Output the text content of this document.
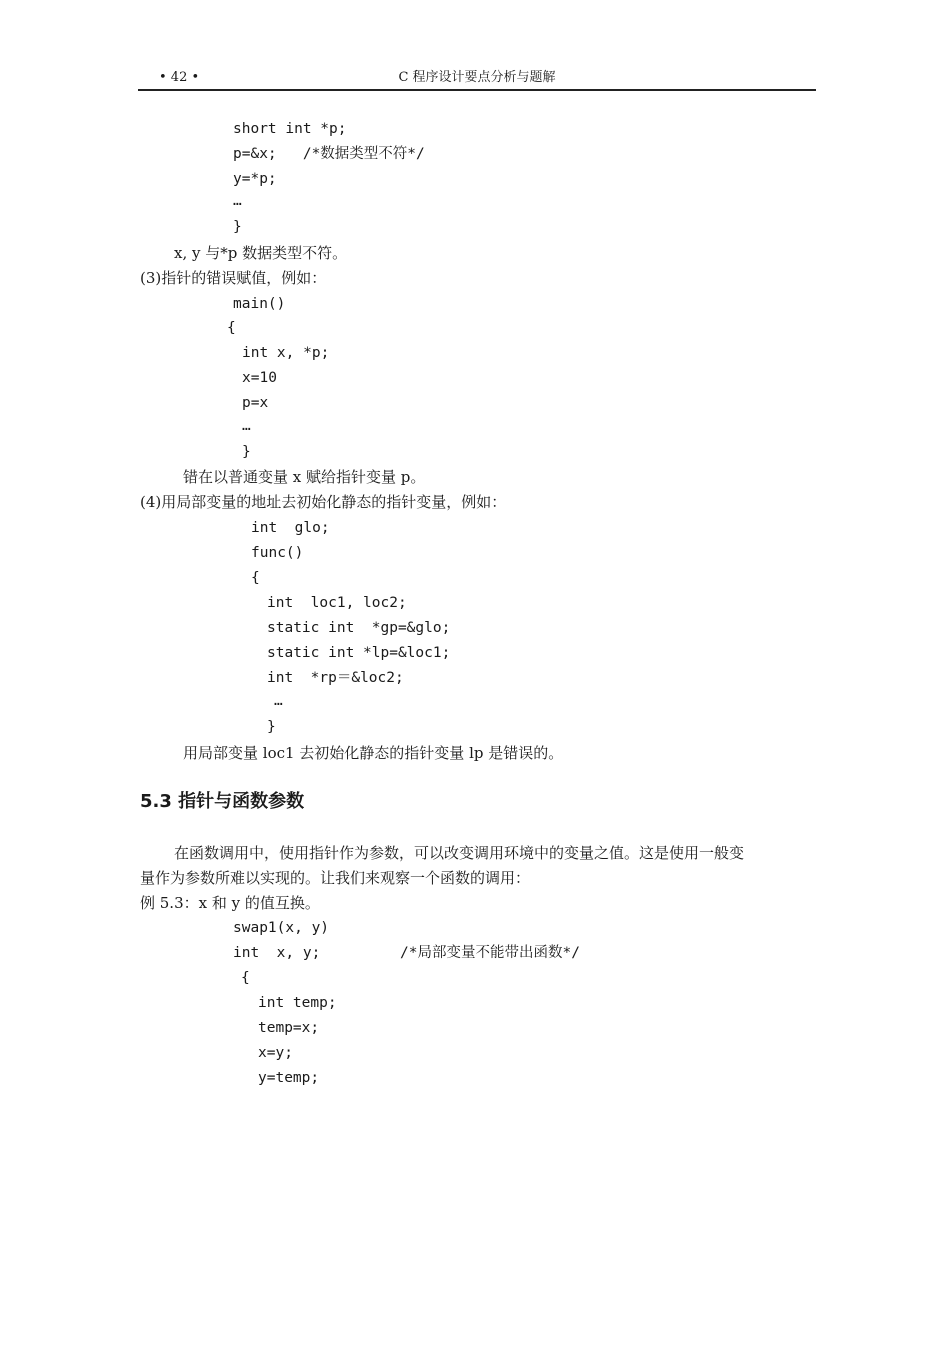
• 42 •	C 程序设计要点分析与题解
short int *p;
p=&x;   /*数据类型不符*/
y=*p;
…
}
x, y 与*p 数据类型不符。
(3)指针的错误赋值，例如：
main()
{
int x, *p;
x=10
p=x
…
}
错在以普通变量 x 赋给指针变量 p。
(4)用局部变量的地址去初始化静态的指针变量，例如：
int  glo;
func()
{
int  loc1, loc2;
static int  *gp=&glo;
static int *lp=&loc1;
int  *rp＝&loc2;
…
}
用局部变量 loc1 去初始化静态的指针变量 lp 是错误的。
5.3 指针与函数参数
在函数调用中，使用指针作为参数，可以改变调用环境中的变量之值。这是使用一般变
量作为参数所难以实现的。让我们来观察一个函数的调用：
例 5.3：x 和 y 的值互换。
swap1(x, y)
int  x, y;	/*局部变量不能带出函数*/
{
int temp;
temp=x;
x=y;
y=temp;
